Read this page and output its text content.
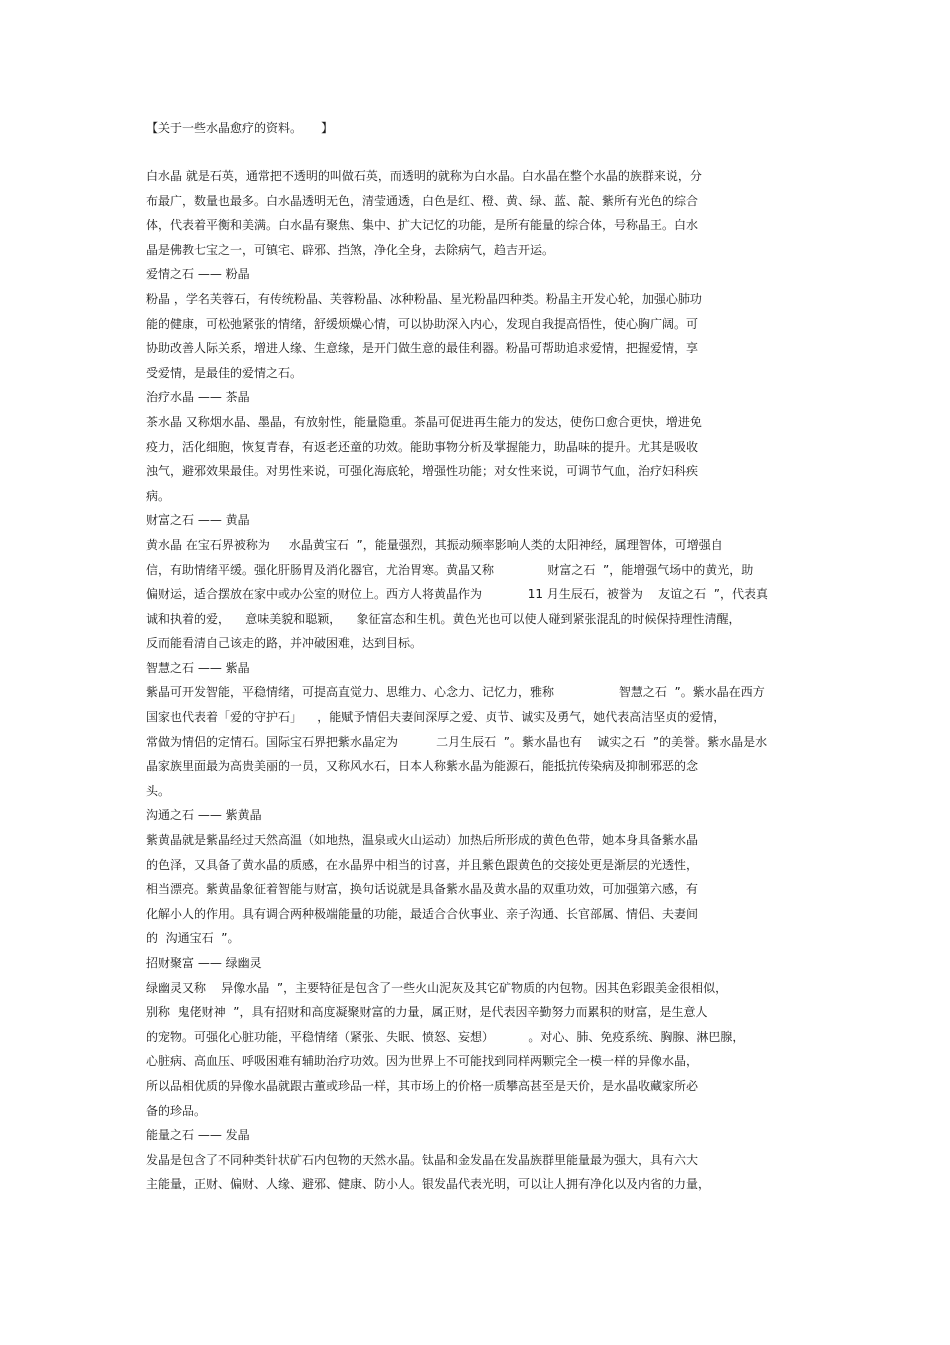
【关于一些水晶愈疗的资料。     】
白水晶 就是石英，通常把不透明的叫做石英，而透明的就称为白水晶。白水晶在整个水晶的族群来说，分
布最广，数量也最多。白水晶透明无色，清莹通透，白色是红、橙、黄、绿、蓝、靛、紫所有光色的综合
体，代表着平衡和美满。白水晶有聚焦、集中、扩大记忆的功能，是所有能量的综合体，号称晶王。白水
晶是佛教七宝之一，可镇宅、辟邪、挡煞，净化全身，去除病气，趋吉开运。
爱情之石 —— 粉晶
粉晶 ，学名芙蓉石，有传统粉晶、芙蓉粉晶、冰种粉晶、星光粉晶四种类。粉晶主开发心轮，加强心肺功
能的健康，可松弛紧张的情绪，舒缓烦燥心情，可以协助深入内心，发现自我提高悟性，使心胸广阔。可
协助改善人际关系，增进人缘、生意缘，是开门做生意的最佳利器。粉晶可帮助追求爱情，把握爱情，享
受爱情，是最佳的爱情之石。
治疗水晶 —— 茶晶
茶水晶 又称烟水晶、墨晶，有放射性，能量隐重。茶晶可促进再生能力的发达，使伤口愈合更快，增进免
疫力，活化细胞，恢复青春，有返老还童的功效。能助事物分析及掌握能力，助晶味的提升。尤其是吸收
浊气，避邪效果最佳。对男性来说，可强化海底轮，增强性功能；对女性来说，可调节气血，治疗妇科疾
病。
财富之石 —— 黄晶
黄水晶 在宝石界被称为     水晶黄宝石  ”，能量强烈，其振动频率影响人类的太阳神经，属理智体，可增强自
信，有助情绪平缓。强化肝肠胃及消化器官，尤治胃寒。黄晶又称              财富之石  ”，能增强气场中的黄光，助
偏财运，适合摆放在家中或办公室的财位上。西方人将黄晶作为            11 月生辰石，被誉为    友谊之石  ”，代表真
诚和执着的爱，    意味美貌和聪颖，    象征富态和生机。黄色光也可以使人碰到紧张混乱的时候保持理性清醒，
反而能看清自己该走的路，并冲破困难，达到目标。
智慧之石 —— 紫晶
紫晶可开发智能，平稳情绪，可提高直觉力、思维力、心念力、记忆力，雅称                 智慧之石  ”。紫水晶在西方
国家也代表着「爱的守护石」    ，能赋予情侣夫妻间深厚之爱、贞节、诚实及勇气，她代表高洁坚贞的爱情，
常做为情侣的定情石。国际宝石界把紫水晶定为          二月生辰石  ”。紫水晶也有    诚实之石  ”的美誉。紫水晶是水
晶家族里面最为高贵美丽的一员，又称风水石，日本人称紫水晶为能源石，能抵抗传染病及抑制邪恶的念
头。
沟通之石 —— 紫黄晶
紫黄晶就是紫晶经过天然高温（如地热，温泉或火山运动）加热后所形成的黄色色带，她本身具备紫水晶
的色泽，又具备了黄水晶的质感，在水晶界中相当的讨喜，并且紫色跟黄色的交接处更是渐层的光透性，
相当漂亮。紫黄晶象征着智能与财富，换句话说就是具备紫水晶及黄水晶的双重功效，可加强第六感，有
化解小人的作用。具有调合两种极端能量的功能，最适合合伙事业、亲子沟通、长官部属、情侣、夫妻间
的  沟通宝石  ”。
招财聚富 —— 绿幽灵
绿幽灵又称    异像水晶  ”，主要特征是包含了一些火山泥灰及其它矿物质的内包物。因其色彩跟美金很相似，
别称  鬼佬财神  ”，具有招财和高度凝聚财富的力量，属正财，是代表因辛勤努力而累积的财富，是生意人
的宠物。可强化心脏功能，平稳情绪（紧张、失眠、愤怒、妄想）         。对心、肺、免疫系统、胸腺、淋巴腺，
心脏病、高血压、呼吸困难有辅助治疗功效。因为世界上不可能找到同样两颗完全一模一样的异像水晶，
所以品相优质的异像水晶就跟古董或珍品一样，其市场上的价格一质攀高甚至是天价，是水晶收藏家所必
备的珍品。
能量之石 —— 发晶
发晶是包含了不同种类针状矿石内包物的天然水晶。钛晶和金发晶在发晶族群里能量最为强大，具有六大
主能量，正财、偏财、人缘、避邪、健康、防小人。银发晶代表光明，可以让人拥有净化以及内省的力量，
